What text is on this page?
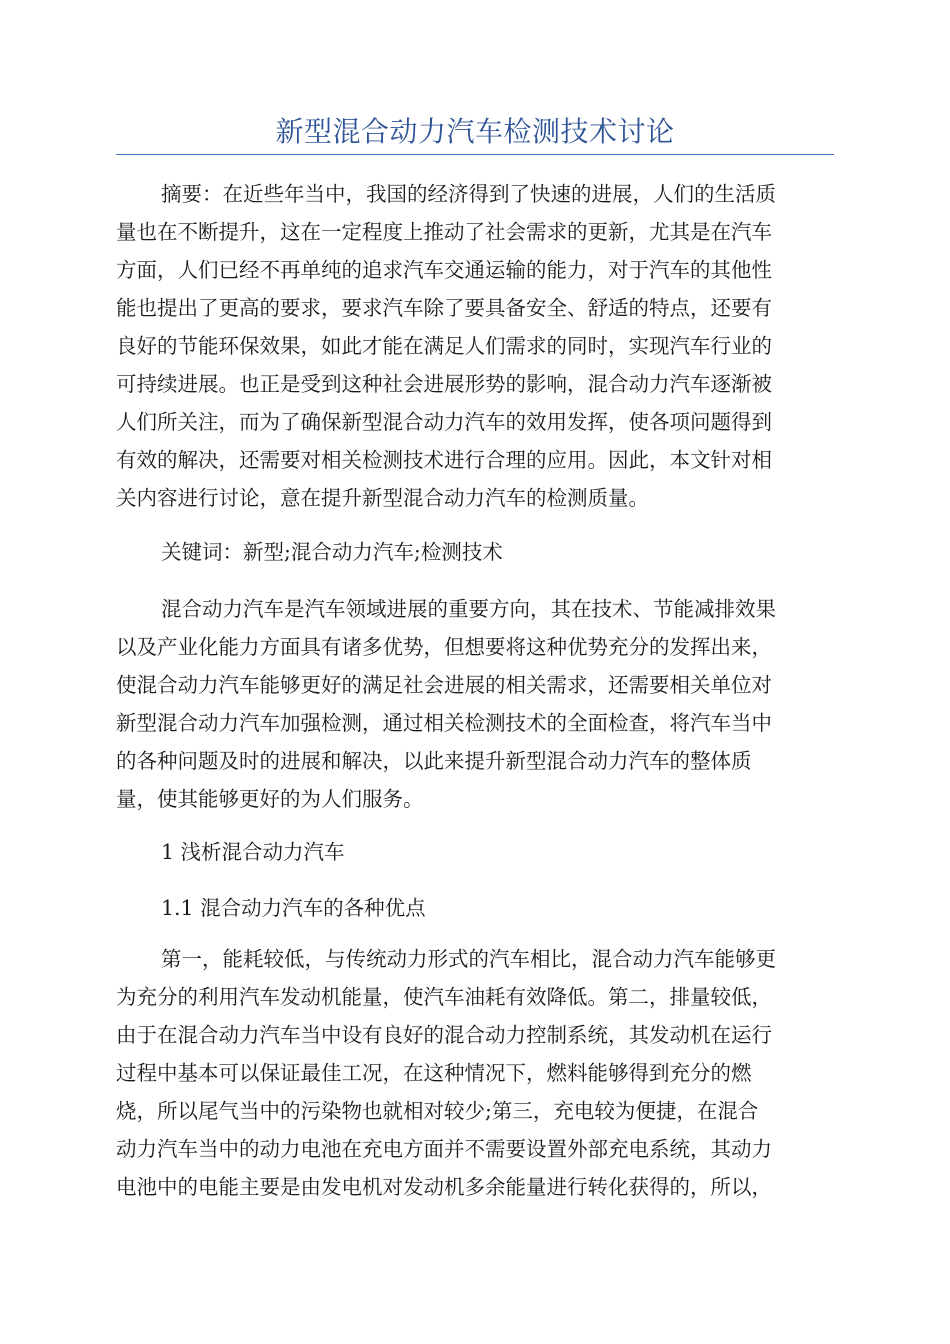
新型混合动力汽车检测技术讨论
摘要：在近些年当中，我国的经济得到了快速的进展，人们的生活质
量也在不断提升，这在一定程度上推动了社会需求的更新，尤其是在汽车
方面，人们已经不再单纯的追求汽车交通运输的能力，对于汽车的其他性
能也提出了更高的要求，要求汽车除了要具备安全、舒适的特点，还要有
良好的节能环保效果，如此才能在满足人们需求的同时，实现汽车行业的
可持续进展。也正是受到这种社会进展形势的影响，混合动力汽车逐渐被
人们所关注，而为了确保新型混合动力汽车的效用发挥，使各项问题得到
有效的解决，还需要对相关检测技术进行合理的应用。因此，本文针对相
关内容进行讨论，意在提升新型混合动力汽车的检测质量。
关键词：新型;混合动力汽车;检测技术
混合动力汽车是汽车领域进展的重要方向，其在技术、节能减排效果
以及产业化能力方面具有诸多优势，但想要将这种优势充分的发挥出来，
使混合动力汽车能够更好的满足社会进展的相关需求，还需要相关单位对
新型混合动力汽车加强检测，通过相关检测技术的全面检查，将汽车当中
的各种问题及时的进展和解决，以此来提升新型混合动力汽车的整体质
量，使其能够更好的为人们服务。
1 浅析混合动力汽车
1.1 混合动力汽车的各种优点
第一，能耗较低，与传统动力形式的汽车相比，混合动力汽车能够更
为充分的利用汽车发动机能量，使汽车油耗有效降低。第二，排量较低，
由于在混合动力汽车当中设有良好的混合动力控制系统，其发动机在运行
过程中基本可以保证最佳工况，在这种情况下，燃料能够得到充分的燃
烧，所以尾气当中的污染物也就相对较少;第三，充电较为便捷，在混合
动力汽车当中的动力电池在充电方面并不需要设置外部充电系统，其动力
电池中的电能主要是由发电机对发动机多余能量进行转化获得的，所以，
